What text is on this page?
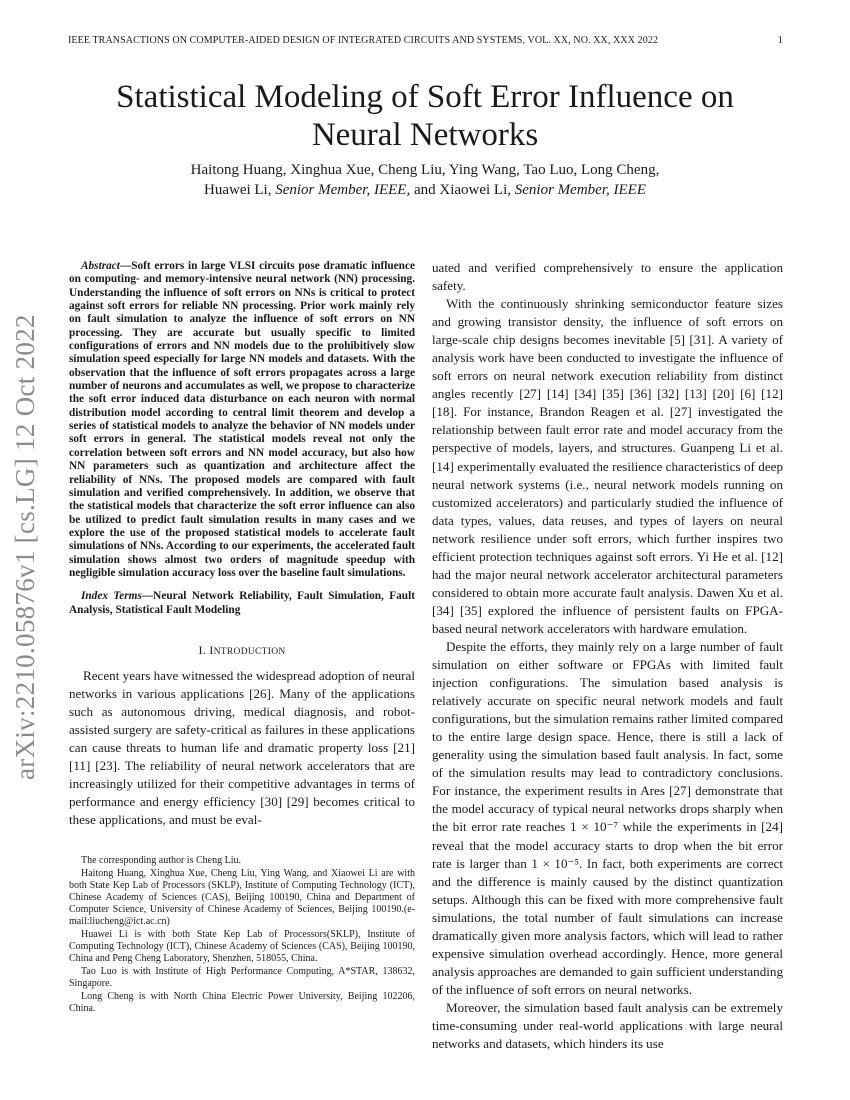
IEEE TRANSACTIONS ON COMPUTER-AIDED DESIGN OF INTEGRATED CIRCUITS AND SYSTEMS, VOL. XX, NO. XX, XXX 2022	1
arXiv:2210.05876v1 [cs.LG] 12 Oct 2022
Statistical Modeling of Soft Error Influence on
Neural Networks
Haitong Huang, Xinghua Xue, Cheng Liu, Ying Wang, Tao Luo, Long Cheng,
Huawei Li, Senior Member, IEEE, and Xiaowei Li, Senior Member, IEEE

Abstract—Soft errors in large VLSI circuits pose dramatic influence on computing- and memory-intensive neural network (NN) processing. Understanding the influence of soft errors on NNs is critical to protect against soft errors for reliable NN processing. Prior work mainly rely on fault simulation to analyze the influence of soft errors on NN processing. They are accurate but usually specific to limited configurations of errors and NN models due to the prohibitively slow simulation speed especially for large NN models and datasets. With the observation that the influence of soft errors propagates across a large number of neurons and accumulates as well, we propose to characterize the soft error induced data disturbance on each neuron with normal distribution model according to central limit theorem and develop a series of statistical models to analyze the behavior of NN models under soft errors in general. The statistical models reveal not only the correlation between soft errors and NN model accuracy, but also how NN parameters such as quantization and architecture affect the reliability of NNs. The proposed models are compared with fault simulation and verified comprehensively. In addition, we observe that the statistical models that characterize the soft error influence can also be utilized to predict fault simulation results in many cases and we explore the use of the proposed statistical models to accelerate fault simulations of NNs. According to our experiments, the accelerated fault simulation shows almost two orders of magnitude speedup with negligible simulation accuracy loss over the baseline fault simulations.

Index Terms—Neural Network Reliability, Fault Simulation, Fault Analysis, Statistical Fault Modeling

I. INTRODUCTION

Recent years have witnessed the widespread adoption of neural networks in various applications [26]. Many of the applications such as autonomous driving, medical diagnosis, and robot-assisted surgery are safety-critical as failures in these applications can cause threats to human life and dramatic property loss [21] [11] [23]. The reliability of neural network accelerators that are increasingly utilized for their competitive advantages in terms of performance and energy efficiency [30] [29] becomes critical to these applications, and must be eval-

The corresponding author is Cheng Liu.

Haitong Huang, Xinghua Xue, Cheng Liu, Ying Wang, and Xiaowei Li are with both State Kep Lab of Processors (SKLP), Institute of Computing Technology (ICT), Chinese Academy of Sciences (CAS), Beijing 100190, China and Department of Computer Science, University of Chinese Academy of Sciences, Beijing 100190.(e-mail:liucheng@ict.ac.cn)

Huawei Li is with both State Kep Lab of Processors(SKLP), Institute of Computing Technology (ICT), Chinese Academy of Sciences (CAS), Beijing 100190, China and Peng Cheng Laboratory, Shenzhen, 518055, China.

Tao Luo is with Institute of High Performance Computing, A*STAR, 138632, Singapore.

Long Cheng is with North China Electric Power University, Beijing 102206, China.

uated and verified comprehensively to ensure the application safety.

With the continuously shrinking semiconductor feature sizes and growing transistor density, the influence of soft errors on large-scale chip designs becomes inevitable [5] [31]. A variety of analysis work have been conducted to investigate the influence of soft errors on neural network execution reliability from distinct angles recently [27] [14] [34] [35] [36] [32] [13] [20] [6] [12] [18]. For instance, Brandon Reagen et al. [27] investigated the relationship between fault error rate and model accuracy from the perspective of models, layers, and structures. Guanpeng Li et al. [14] experimentally evaluated the resilience characteristics of deep neural network systems (i.e., neural network models running on customized accelerators) and particularly studied the influence of data types, values, data reuses, and types of layers on neural network resilience under soft errors, which further inspires two efficient protection techniques against soft errors. Yi He et al. [12] had the major neural network accelerator architectural parameters considered to obtain more accurate fault analysis. Dawen Xu et al. [34] [35] explored the influence of persistent faults on FPGA-based neural network accelerators with hardware emulation.

Despite the efforts, they mainly rely on a large number of fault simulation on either software or FPGAs with limited fault injection configurations. The simulation based analysis is relatively accurate on specific neural network models and fault configurations, but the simulation remains rather limited compared to the entire large design space. Hence, there is still a lack of generality using the simulation based fault analysis. In fact, some of the simulation results may lead to contradictory conclusions. For instance, the experiment results in Ares [27] demonstrate that the model accuracy of typical neural networks drops sharply when the bit error rate reaches 1 × 10⁻⁷ while the experiments in [24] reveal that the model accuracy starts to drop when the bit error rate is larger than 1 × 10⁻⁵. In fact, both experiments are correct and the difference is mainly caused by the distinct quantization setups. Although this can be fixed with more comprehensive fault simulations, the total number of fault simulations can increase dramatically given more analysis factors, which will lead to rather expensive simulation overhead accordingly. Hence, more general analysis approaches are demanded to gain sufficient understanding of the influence of soft errors on neural networks.

Moreover, the simulation based fault analysis can be extremely time-consuming under real-world applications with large neural networks and datasets, which hinders its use
